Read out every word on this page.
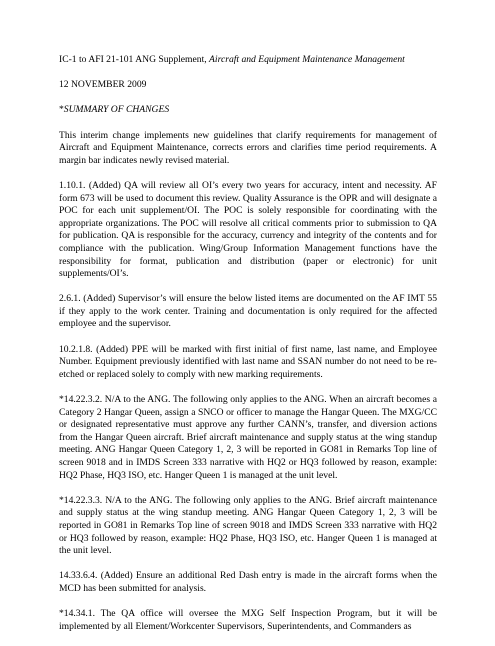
IC-1 to AFI 21-101 ANG Supplement, Aircraft and Equipment Maintenance Management

12 NOVEMBER 2009

*SUMMARY OF CHANGES

This interim change implements new guidelines that clarify requirements for management of Aircraft and Equipment Maintenance, corrects errors and clarifies time period requirements. A margin bar indicates newly revised material.

1.10.1. (Added) QA will review all OI’s every two years for accuracy, intent and necessity. AF form 673 will be used to document this review. Quality Assurance is the OPR and will designate a POC for each unit supplement/OI. The POC is solely responsible for coordinating with the appropriate organizations. The POC will resolve all critical comments prior to submission to QA for publication. QA is responsible for the accuracy, currency and integrity of the contents and for compliance with the publication. Wing/Group Information Management functions have the responsibility for format, publication and distribution (paper or electronic) for unit supplements/OI’s.

2.6.1. (Added) Supervisor’s will ensure the below listed items are documented on the AF IMT 55 if they apply to the work center. Training and documentation is only required for the affected employee and the supervisor.

10.2.1.8. (Added) PPE will be marked with first initial of first name, last name, and Employee Number. Equipment previously identified with last name and SSAN number do not need to be re-etched or replaced solely to comply with new marking requirements.

*14.22.3.2. N/A to the ANG. The following only applies to the ANG. When an aircraft becomes a Category 2 Hangar Queen, assign a SNCO or officer to manage the Hangar Queen. The MXG/CC or designated representative must approve any further CANN’s, transfer, and diversion actions from the Hangar Queen aircraft. Brief aircraft maintenance and supply status at the wing standup meeting. ANG Hangar Queen Category 1, 2, 3 will be reported in GO81 in Remarks Top line of screen 9018 and in IMDS Screen 333 narrative with HQ2 or HQ3 followed by reason, example: HQ2 Phase, HQ3 ISO, etc. Hanger Queen 1 is managed at the unit level.

*14.22.3.3. N/A to the ANG. The following only applies to the ANG. Brief aircraft maintenance and supply status at the wing standup meeting. ANG Hangar Queen Category 1, 2, 3 will be reported in GO81 in Remarks Top line of screen 9018 and IMDS Screen 333 narrative with HQ2 or HQ3 followed by reason, example: HQ2 Phase, HQ3 ISO, etc. Hanger Queen 1 is managed at the unit level.

14.33.6.4. (Added) Ensure an additional Red Dash entry is made in the aircraft forms when the MCD has been submitted for analysis.

*14.34.1. The QA office will oversee the MXG Self Inspection Program, but it will be implemented by all Element/Workcenter Supervisors, Superintendents, and Commanders as
